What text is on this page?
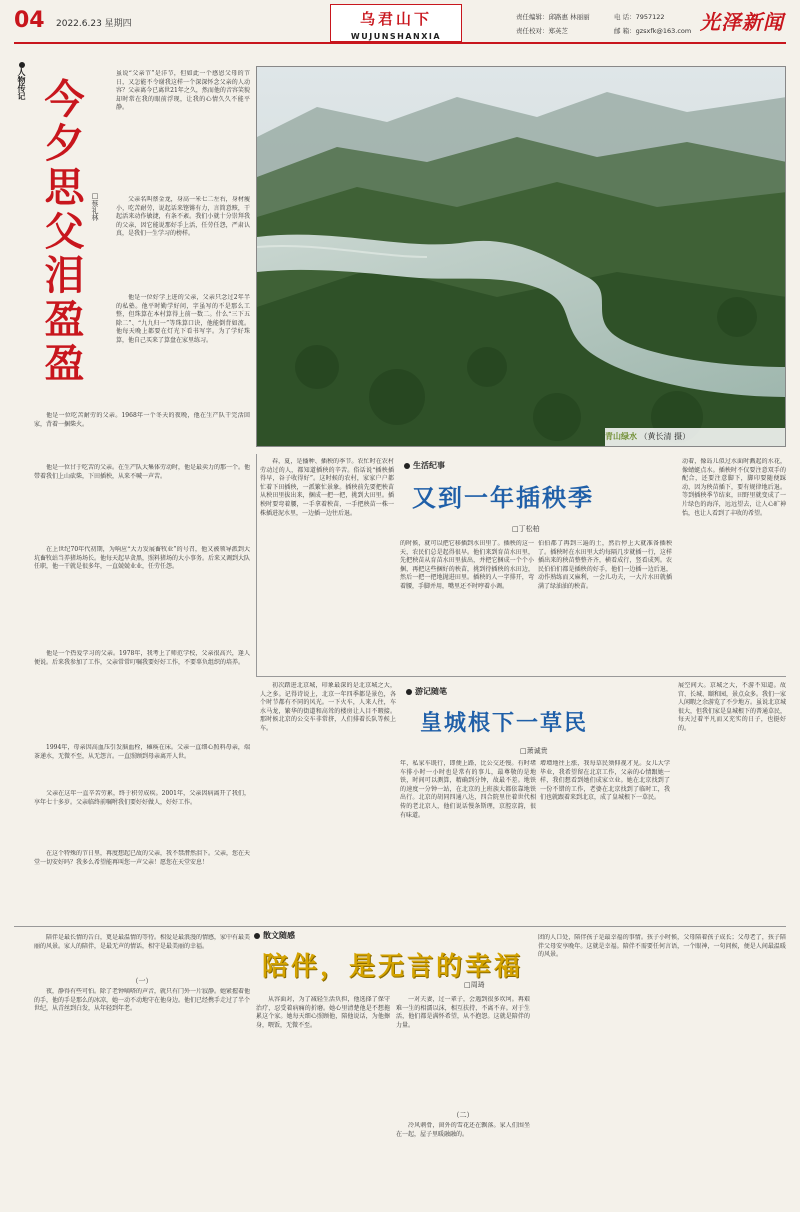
04 2022.6.23 星期四	乌君山下
WUJUNSHANXIA
责任编辑：邱路惠 林丽丽	电 话：7957122
责任校对：郑英芝	邮 箱：gzsxfk@163.com 光泽新闻
人物传记 今夕思父泪盈盈 □蔡礼林
虽说“父亲节”是洋节，但如此一个感恩父母的节日，又怎能不令谢我这样一个深深怀念父亲的人动容？父亲离今已离世21年之久，然而他的音容笑貌却时常在我的眼前浮现，让我的心情久久不能平静。
父亲名叫蔡金龙，身高一米七二左右，身材瘦小，吃苦耐劳，说起话来铿锵有力，言简意赅，干起活来动作敏捷，有条不紊。我们小就十分崇拜我的父亲，因它能说那好手上活，任劳任怨，严肃认真，是我们一生学习的榜样。
他是一位好学上进的父亲，父亲只念过2年半的私塾。他平时勤学好问，字虽写的不是那么工整，但珠算在本村算得上前一数二。什么“三下五除二”、“九九归一”等珠算口诀，他能倒背如流。他每天晚上都要在灯光下看书写字。为了学好珠算，他自己买来了算盘在家里练习。
他是一位吃苦耐劳的父亲。1968年一个冬天的夜晚，他在生产队干完活回家，背着一捆柴火。
他是一位甘于吃苦的父亲。在生产队大集体劳动时，他是最卖力的那一个。他带着我们上山砍柴，下田插秧，从来不喊一声苦。
在上世纪70年代初期，为响应“大力发展畜牧业”的号召，他又被领导派到大坑畜牧站当养猪场场长。他每天起早贪黑，照料猪场的大小事务。后来又调到大队任职，他一干就是很多年，一直兢兢业业，任劳任怨。
他是一个热爱学习的父亲。1978年，我考上了师范学校，父亲很高兴，逢人便说。后来我参加了工作，父亲常常叮嘱我要好好工作，不要辜负组织的培养。
1994年，母亲因高血压引发脑血栓，瘫痪在床。父亲一直细心照料母亲，端茶递水，无微不至，从无怨言。一直照顾到母亲离开人世。
父亲在这年一直辛苦劳累，终于积劳成疾。2001年，父亲因病离开了我们，享年七十多岁。父亲临终前嘱咐我们要好好做人，好好工作。
在这个特殊的节日里，再度想起已故的父亲，我不禁潸然泪下。父亲，您在天堂一切安好吗？我多么希望能再叫您一声父亲！愿您在天堂安息！
青山绿水 （黄长清 摄）
春，夏，是播种、插秧的季节。农忙时在农村劳动过的人，都知道插秧的辛苦。俗话说“插秧插得早，谷子收得好”。这时候的农村，家家户户都忙着下田插秧，一派繁忙景象。插秧前先要把秧苗从秧田里拔出来，捆成一把一把，挑到大田里。插秧时要弯着腰，一手拿着秧苗，一手把秧苗一株一株插进泥水里，一边插一边往后退。
生活纪事
又到一年插秧季
□丁松柏
的时候，就可以把它移插到水田里了。插秧的这一天，农民们总是起得很早。他们来到育苗水田里，先把秧苗从育苗水田里拔出，并把它捆成一个个小捆，再把这些捆好的秧苗，挑到待插秧的水田边，然后一把一把地抛进田里。插秧的人一字排开，弯着腰，手脚并用，嘴里还不时哼着小调。
伯伯都了再到三遍的土，然后停上大就准备插秧了。插秧时在水田里大约每隔几步就插一行，这样插出来的秧苗整整齐齐，横看成行，竖看成列。农民伯伯们都是插秧的好手，他们一边插一边后退，动作熟练而又麻利，一会儿功夫，一大片水田就插满了绿油油的秧苗。
动着，像岛儿似过水面时溅起的水花，像蜻蜓点水。插秧时不仅要注意双手的配合，还要注意脚下，脚印要随便踩动，因为秧苗插下，要有规律地后退。等到插秧季节结束，田野里就变成了一片绿色的海洋，远远望去，让人心旷神怡，也让人看到了丰收的希望。
初次踏进北京城，印象最深的是北京城之大，人之多。记得诗说上，北京一年四季都是景色，各个时节都有不同的风光。一下火车，人来人往，车水马龙，繁华的街道和高耸的楼房让人目不暇接。那时候北京的公交车非常挤，人们排着长队等候上车。
游记随笔
皇城根下一草民
□萧诚贵
年，私家车既行，即便上路，比公交还慢。有时堵车排小时一小时也是常有的事儿，最尊敬的是地铁，时间可以测算，精确到分钟，故最不差。地铁的速度一分钟一站，在北京的上班族大都依靠地铁出行。北京的胡同四通八达，四合院里住着世代相传的老北京人，他们说话慢条斯理，京腔京韵，很有味道。
增增地往上涨，我每草民须仰视才见。女儿大学毕业，我希望留在北京工作，父亲的心情跟她一样，我们想看到她们成家立业。她在北京找到了一份不错的工作，老婆在北京找到了临时工，我们也就跟着来到北京，成了皇城根下一草民。
展空间大。京城之大，不游不知道。故宫、长城、颐和园，景点众多。我们一家人闲暇之余游览了不少地方。虽说北京城很大，但我们家是皇城根下的普通草民，每天过着平凡而又充实的日子，也挺好的。
陪伴是最长情的告白，更是最温情的等待。相爱是最浪漫的情感，家中有最美丽的风景。家人的陪伴，是最无声的情话，相守是最美丽的幸福。
（一）
夜，静得有些可怕。除了老钟嘀嗒的声音，就只有门外一片寂静。她紧握着他的手，他的手是那么的冰凉，她一动不动地守在他身边。他们已经携手走过了半个世纪，从青丝到白发，从年轻到年老。
散文随感
陪伴，是无言的幸福
□周琦
从容面对，为了减轻生活负担，他选择了保守治疗，忍受着病痛的折磨。她心里清楚他是不想拖累这个家。她每天细心照顾他，陪他说话，为他擦身，喂饭，无微不至。
一对夫妻，过一辈子，会遇到很多坎坷。再艰难一生的相濡以沫，相互扶持，不离不弃。对于生活，他们都是满怀希望，从不抱怨。这就是陪伴的力量。
（二）
冷风刺骨，窗外的雪花还在飘落。家人们围坐在一起，屋子里暖融融的。
团的人口处，陪伴孩子是最幸福的事情。孩子小时候，父母陪着孩子成长；父母老了，孩子陪伴父母安享晚年。这就是幸福。陪伴不需要任何言语，一个眼神，一句问候，便是人间最温暖的风景。
